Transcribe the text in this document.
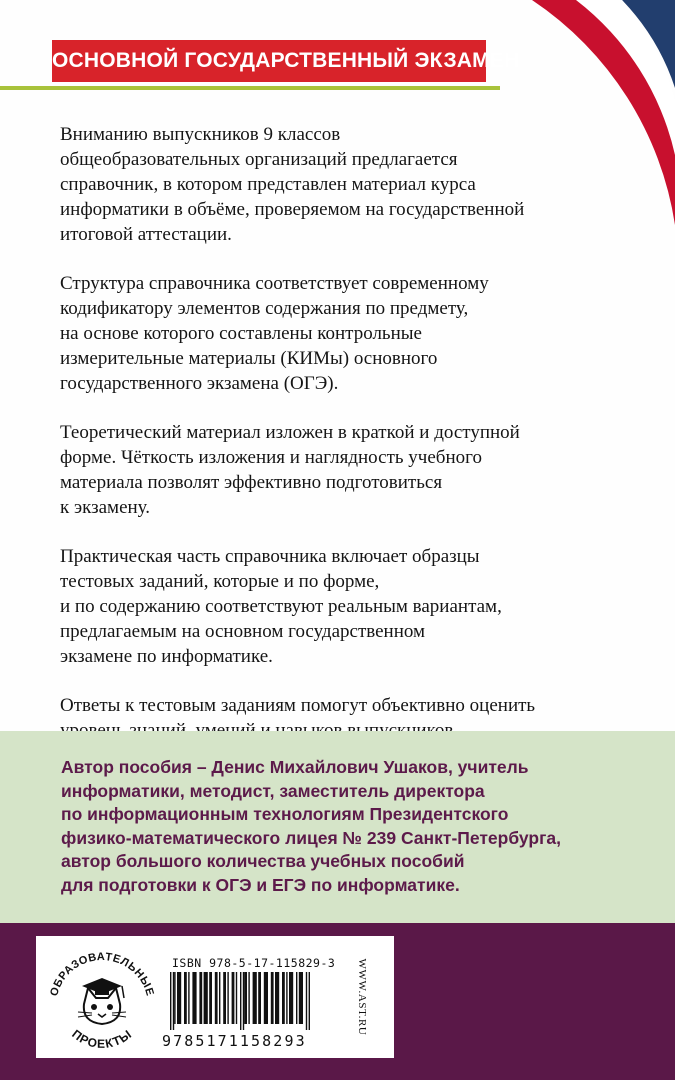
ОСНОВНОЙ ГОСУДАРСТВЕННЫЙ ЭКЗАМЕН

Вниманию выпускников 9 классов
общеобразовательных организаций предлагается
справочник, в котором представлен материал курса
информатики в объёме, проверяемом на государственной
итоговой аттестации.

Структура справочника соответствует современному
кодификатору элементов содержания по предмету,
на основе которого составлены контрольные
измерительные материалы (КИМы) основного
государственного экзамена (ОГЭ).

Теоретический материал изложен в краткой и доступной
форме. Чёткость изложения и наглядность учебного
материала позволят эффективно подготовиться
к экзамену.

Практическая часть справочника включает образцы
тестовых заданий, которые и по форме,
и по содержанию соответствуют реальным вариантам,
предлагаемым на основном государственном
экзамене по информатике.

Ответы к тестовым заданиям помогут объективно оценить

Автор пособия – Денис Михайлович Ушаков, учитель
информатики, методист, заместитель директора
по информационным технологиям Президентского
физико-математического лицея № 239 Санкт-Петербурга,
автор большого количества учебных пособий
для подготовки к ОГЭ и ЕГЭ по информатике.
ОБРАЗОВАТЕЛЬНЫЕ
ПРОЕКТЫ
ISBN 978-5-17-115829-3
9785171158293
WWW.AST.RU
